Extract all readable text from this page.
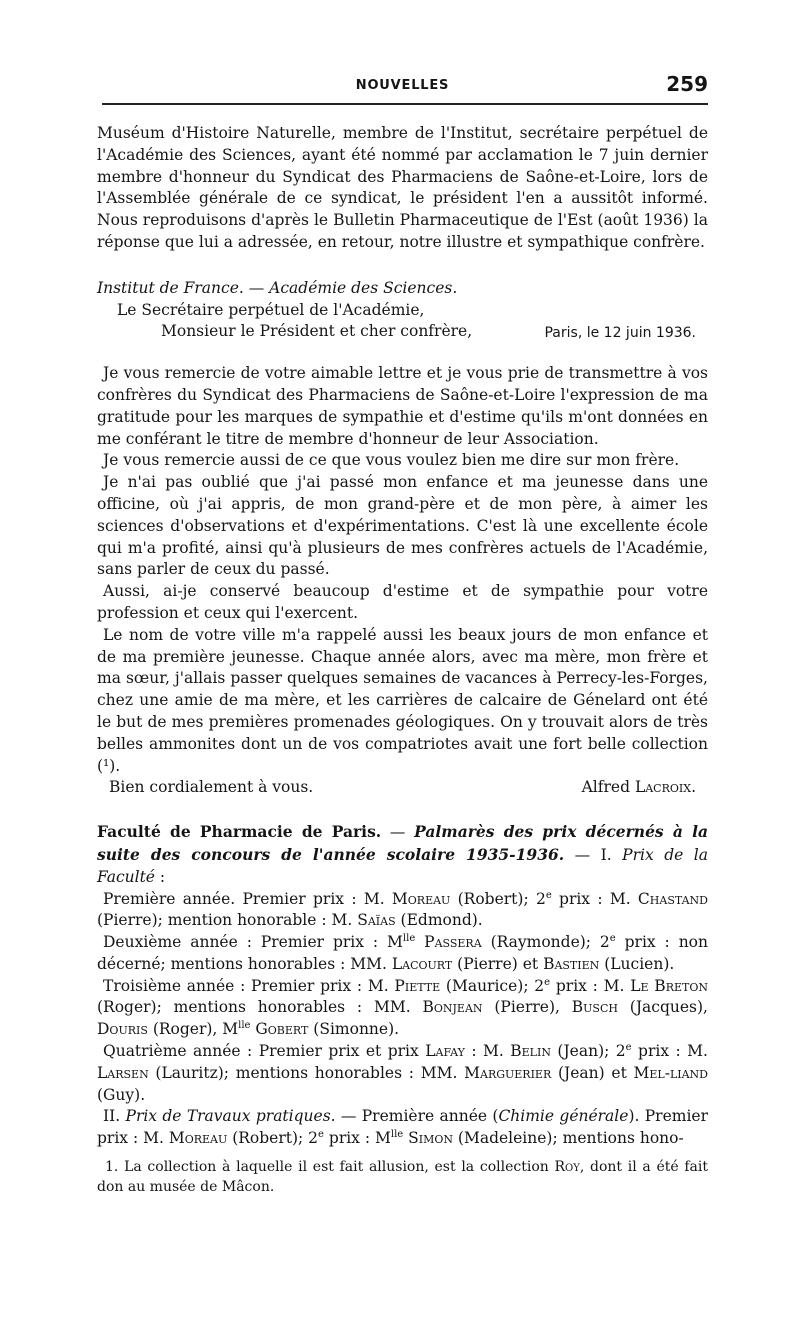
NOUVELLES	259

Muséum d'Histoire Naturelle, membre de l'Institut, secrétaire perpétuel de l'Académie des Sciences, ayant été nommé par acclamation le 7 juin dernier membre d'honneur du Syndicat des Pharmaciens de Saône-et-Loire, lors de l'Assemblée générale de ce syndicat, le président l'en a aussitôt informé. Nous reproduisons d'après le Bulletin Pharmaceutique de l'Est (août 1936) la réponse que lui a adressée, en retour, notre illustre et sympathique confrère.

Institut de France. — Académie des Sciences.
Le Secrétaire perpétuel de l'Académie,
Monsieur le Président et cher confrère,	Paris, le 12 juin 1936.

Je vous remercie de votre aimable lettre et je vous prie de transmettre à vos confrères du Syndicat des Pharmaciens de Saône-et-Loire l'expression de ma gratitude pour les marques de sympathie et d'estime qu'ils m'ont données en me conférant le titre de membre d'honneur de leur Association.

Je vous remercie aussi de ce que vous voulez bien me dire sur mon frère.

Je n'ai pas oublié que j'ai passé mon enfance et ma jeunesse dans une officine, où j'ai appris, de mon grand-père et de mon père, à aimer les sciences d'observations et d'expérimentations. C'est là une excellente école qui m'a profité, ainsi qu'à plusieurs de mes confrères actuels de l'Académie, sans parler de ceux du passé.

Aussi, ai-je conservé beaucoup d'estime et de sympathie pour votre profession et ceux qui l'exercent.

Le nom de votre ville m'a rappelé aussi les beaux jours de mon enfance et de ma première jeunesse. Chaque année alors, avec ma mère, mon frère et ma sœur, j'allais passer quelques semaines de vacances à Perrecy-les-Forges, chez une amie de ma mère, et les carrières de calcaire de Génelard ont été le but de mes premières promenades géologiques. On y trouvait alors de très belles ammonites dont un de vos compatriotes avait une fort belle collection (¹).

Bien cordialement à vous.	Alfred Lacroix.

Faculté de Pharmacie de Paris. — Palmarès des prix décernés à la suite des concours de l'année scolaire 1935-1936. — I. Prix de la Faculté :

Première année. Premier prix : M. Moreau (Robert); 2e prix : M. Chastand (Pierre); mention honorable : M. Saïas (Edmond).

Deuxième année : Premier prix : $M^{lle}$ Passera (Raymonde); 2e prix : non décerné; mentions honorables : MM. Lacourt (Pierre) et Bastien (Lucien).

Troisième année : Premier prix : M. Piette (Maurice); 2e prix : M. Le Breton (Roger); mentions honorables : MM. Bonjean (Pierre), Busch (Jacques), Douris (Roger), $M^{lle}$ Gobert (Simonne).

Quatrième année : Premier prix et prix Lafay : M. Belin (Jean); 2e prix : M. Larsen (Lauritz); mentions honorables : MM. Marguerier (Jean) et Mel-liand (Guy).

II. Prix de Travaux pratiques. — Première année (Chimie générale). Premier prix : M. Moreau (Robert); 2e prix : $M^{lle}$ Simon (Madeleine); mentions hono-

1. La collection à laquelle il est fait allusion, est la collection Roy, dont il a été fait don au musée de Mâcon.
